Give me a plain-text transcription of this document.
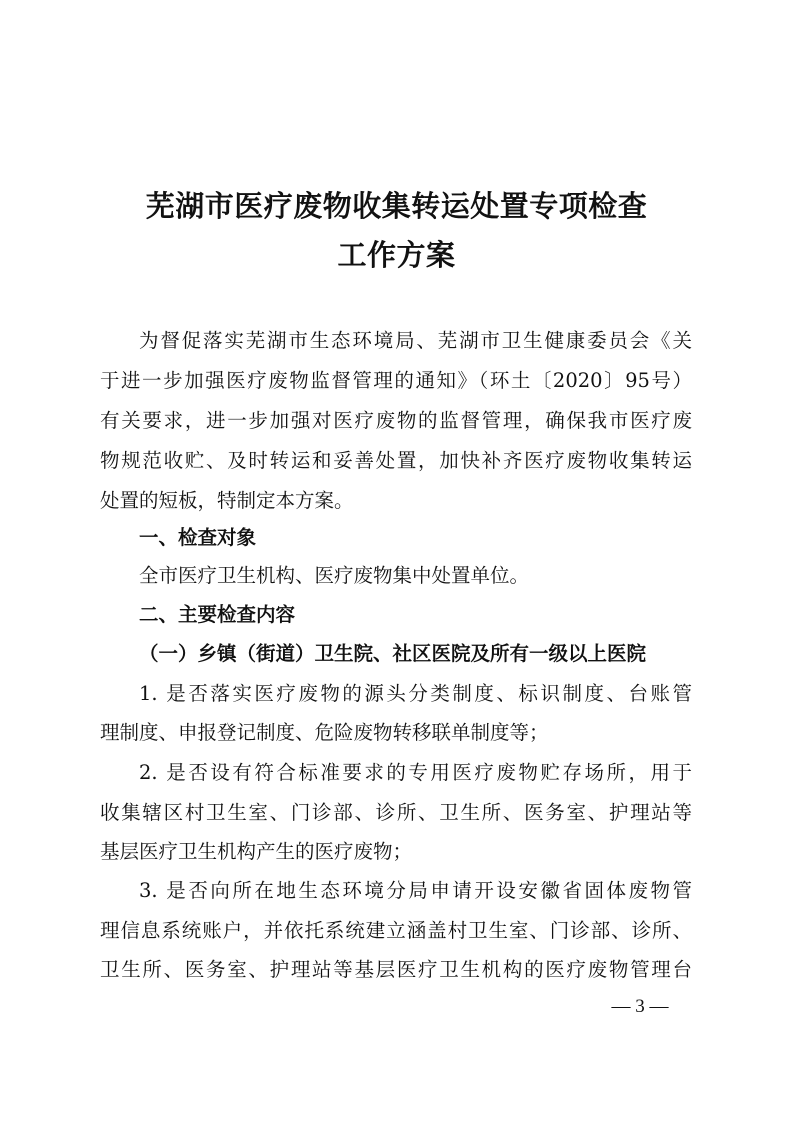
芜湖市医疗废物收集转运处置专项检查
工作方案
为督促落实芜湖市生态环境局、芜湖市卫生健康委员会《关
于进一步加强医疗废物监督管理的通知》（环土〔2020〕95号）
有关要求，进一步加强对医疗废物的监督管理，确保我市医疗废
物规范收贮、及时转运和妥善处置，加快补齐医疗废物收集转运
处置的短板，特制定本方案。
一、检查对象
全市医疗卫生机构、医疗废物集中处置单位。
二、主要检查内容
（一）乡镇（街道）卫生院、社区医院及所有一级以上医院
1. 是否落实医疗废物的源头分类制度、标识制度、台账管
理制度、申报登记制度、危险废物转移联单制度等；
2. 是否设有符合标准要求的专用医疗废物贮存场所，用于
收集辖区村卫生室、门诊部、诊所、卫生所、医务室、护理站等
基层医疗卫生机构产生的医疗废物；
3. 是否向所在地生态环境分局申请开设安徽省固体废物管
理信息系统账户，并依托系统建立涵盖村卫生室、门诊部、诊所、
卫生所、医务室、护理站等基层医疗卫生机构的医疗废物管理台
— 3 —
